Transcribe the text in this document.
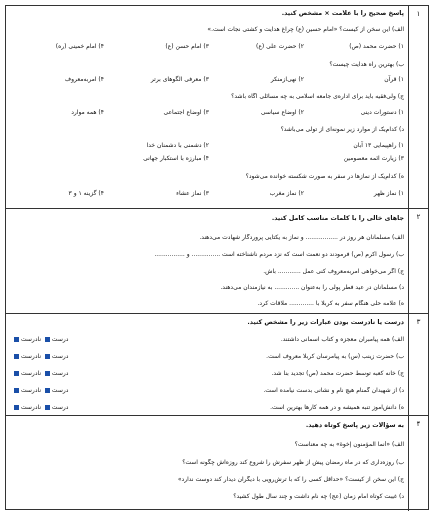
۱
پاسخ صحیح را با علامت × مشخص کنید.
الف) این سخن از کیست؟ «امام حسین (ع) چراغ هدایت و کشتی نجات است.»
۱) حضرت محمد (ص)
۲) حضرت علی (ع)
۳) امام حسن (ع)
۴) امام خمینی (ره)
ب) بهترین راه هدایت چیست؟
۱) قرآن
۲) نهی‌ازمنکر
۳) معرفی الگوهای برتر
۴) امربه‌معروف
ج) ولی‌فقیه باید برای اداره‌ی جامعه اسلامی به چه مسائلی آگاه باشد؟
۱) دستورات دینی
۲) اوضاع سیاسی
۳) اوضاع اجتماعی
۴) همه موارد
د) کدام‌یک از موارد زیر نمونه‌ای از تولی می‌باشد؟
۱) راهپیمایی ۱۳ آبان
۲) دشمنی با دشمنان خدا
۳) زیارت ائمه معصومین
۴) مبارزه با استکبار جهانی
ه) کدام‌یک از نمازها در سفر به صورت شکسته خوانده می‌شود؟
۱) نماز ظهر
۲) نماز مغرب
۳) نماز عشاء
۴) گزینه ۱ و ۳
۲
جاهای خالی را با کلمات مناسب کامل کنید.
الف) مسلمانان هر روز در ................. و نماز به یکتایی پروردگار شهادت می‌دهند.
ب) رسول اکرم (ص) فرمودند دو نعمت است که نزد مردم ناشناخته است ............... و ................
ج) اگر می‌خواهی امربه‌معروف کنی عمل ............ باش.
د) مسلمانان در عید فطر پولی را به‌عنوان ............. به نیازمندان می‌دهند.
ه) علامه حلی هنگام سفر به کربلا با ............. ملاقات کرد.
۳
درست یا نادرست بودن عبارات زیر را مشخص کنید.
الف) همه پیامبران معجزه و کتاب آسمانی داشتند.
درست نادرست
ب) حضرت زینب (س) به پیامرسان کربلا معروف است.
درست نادرست
ج) خانه کعبه توسط حضرت محمد (ص) تجدید بنا شد.
درست نادرست
د) از شهیدان گمنام هیچ نام و نشانی بدست نیامده است.
درست نادرست
ه) دانش‌آموز تنبه همیشه و در همه کارها بهترین است.
درست نادرست
۴
به سؤالات زیر پاسخ کوتاه دهید.
الف) «أنما المؤمنون إخوة» به چه معناست؟
ب) روزه‌داری که در ماه رمضان پیش از ظهر سفرش را شروع کند روزه‌اش چگونه است؟
ج) این سخن از کیست؟ «حداقل کسی را که با ترش‌رویی با دیگران دیدار کند دوست ندارد»
د) غیبت کوتاه امام زمان (عج) چه نام داشت و چند سال طول کشید؟
